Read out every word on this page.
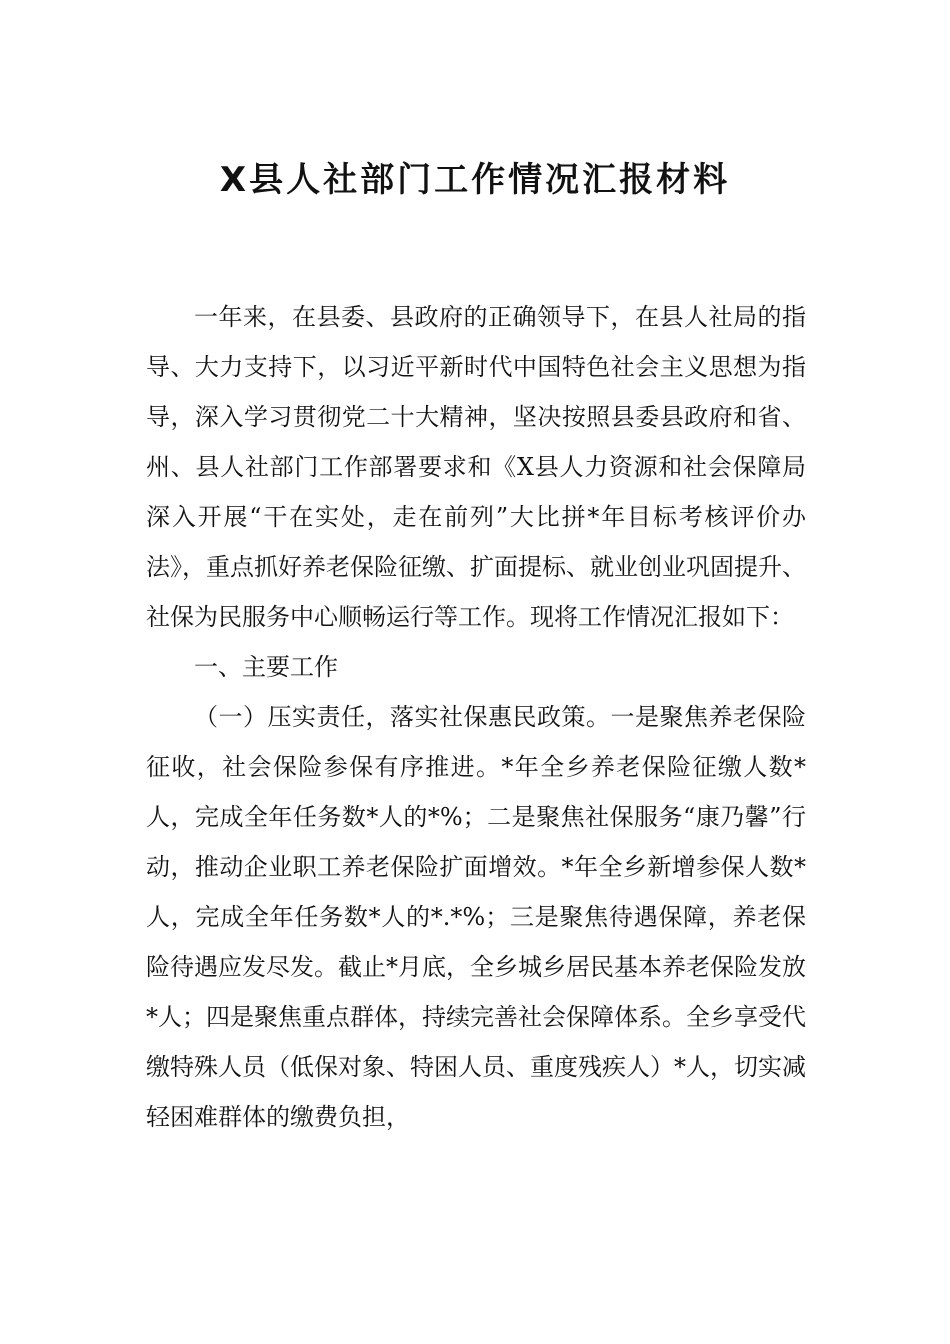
X县人社部门工作情况汇报材料

一年来，在县委、县政府的正确领导下，在县人社局的指导、大力支持下，以习近平新时代中国特色社会主义思想为指导，深入学习贯彻党二十大精神，坚决按照县委县政府和省、州、县人社部门工作部署要求和《X县人力资源和社会保障局深入开展“干在实处，走在前列”大比拼*年目标考核评价办法》，重点抓好养老保险征缴、扩面提标、就业创业巩固提升、社保为民服务中心顺畅运行等工作。现将工作情况汇报如下：

一、主要工作

（一）压实责任，落实社保惠民政策。一是聚焦养老保险征收，社会保险参保有序推进。*年全乡养老保险征缴人数*人，完成全年任务数*人的*%；二是聚焦社保服务“康乃馨”行动，推动企业职工养老保险扩面增效。*年全乡新增参保人数*人，完成全年任务数*人的*.*%；三是聚焦待遇保障，养老保险待遇应发尽发。截止*月底，全乡城乡居民基本养老保险发放*人；四是聚焦重点群体，持续完善社会保障体系。全乡享受代缴特殊人员（低保对象、特困人员、重度残疾人）*人，切实减轻困难群体的缴费负担，
